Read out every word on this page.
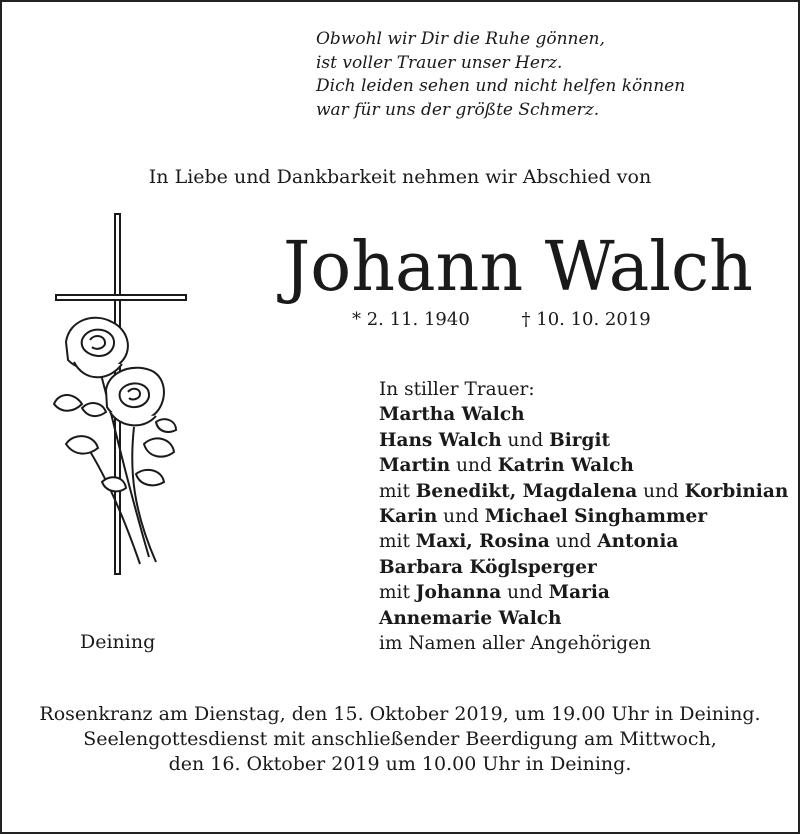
Obwohl wir Dir die Ruhe gönnen,
ist voller Trauer unser Herz.
Dich leiden sehen und nicht helfen können
war für uns der größte Schmerz.
In Liebe und Dankbarkeit nehmen wir Abschied von
Johann Walch
* 2. 11. 1940	† 10. 10. 2019
In stiller Trauer:
Martha Walch
Hans Walch und Birgit
Martin und Katrin Walch
mit Benedikt, Magdalena und Korbinian
Karin und Michael Singhammer
mit Maxi, Rosina und Antonia
Barbara Köglsperger
mit Johanna und Maria
Annemarie Walch
im Namen aller Angehörigen
Deining
Rosenkranz am Dienstag, den 15. Oktober 2019, um 19.00 Uhr in Deining.
Seelengottesdienst mit anschließender Beerdigung am Mittwoch,
den 16. Oktober 2019 um 10.00 Uhr in Deining.
